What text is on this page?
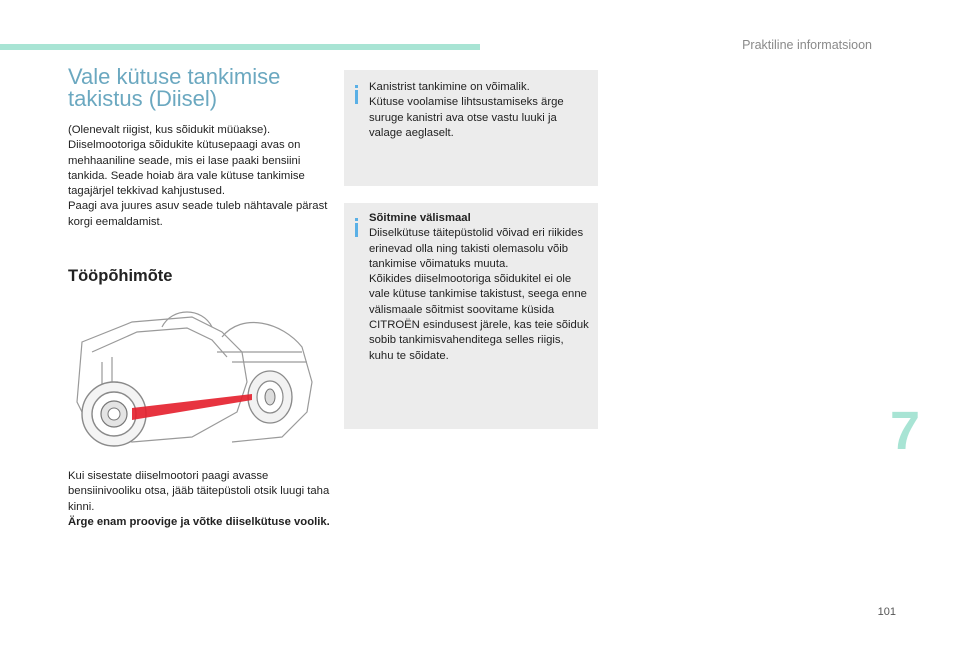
Praktiline informatsioon
Vale kütuse tankimise takistus (Diisel)
(Olenevalt riigist, kus sõidukit müüakse).
Diiselmootoriga sõidukite kütusepaagi avas on mehhaaniline seade, mis ei lase paaki bensiini tankida. Seade hoiab ära vale kütuse tankimise tagajärjel tekkivad kahjustused.
Paagi ava juures asuv seade tuleb nähtavale pärast korgi eemaldamist.
Tööpõhimõte
Kui sisestate diiselmootori paagi avasse bensiinivooliku otsa, jääb täitepüstoli otsik luugi taha kinni.
Ärge enam proovige ja võtke diiselkütuse voolik.
Kanistrist tankimine on võimalik.
Kütuse voolamise lihtsustamiseks ärge suruge kanistri ava otse vastu luuki ja valage aeglaselt.
Sõitmine välismaal
Diiselkütuse täitepüstolid võivad eri riikides erinevad olla ning takisti olemasolu võib tankimise võimatuks muuta.
Kõikides diiselmootoriga sõidukitel ei ole vale kütuse tankimise takistust, seega enne välismaale sõitmist soovitame küsida CITROËN esindusest järele, kas teie sõiduk sobib tankimisvahenditega selles riigis, kuhu te sõidate.
7
101
